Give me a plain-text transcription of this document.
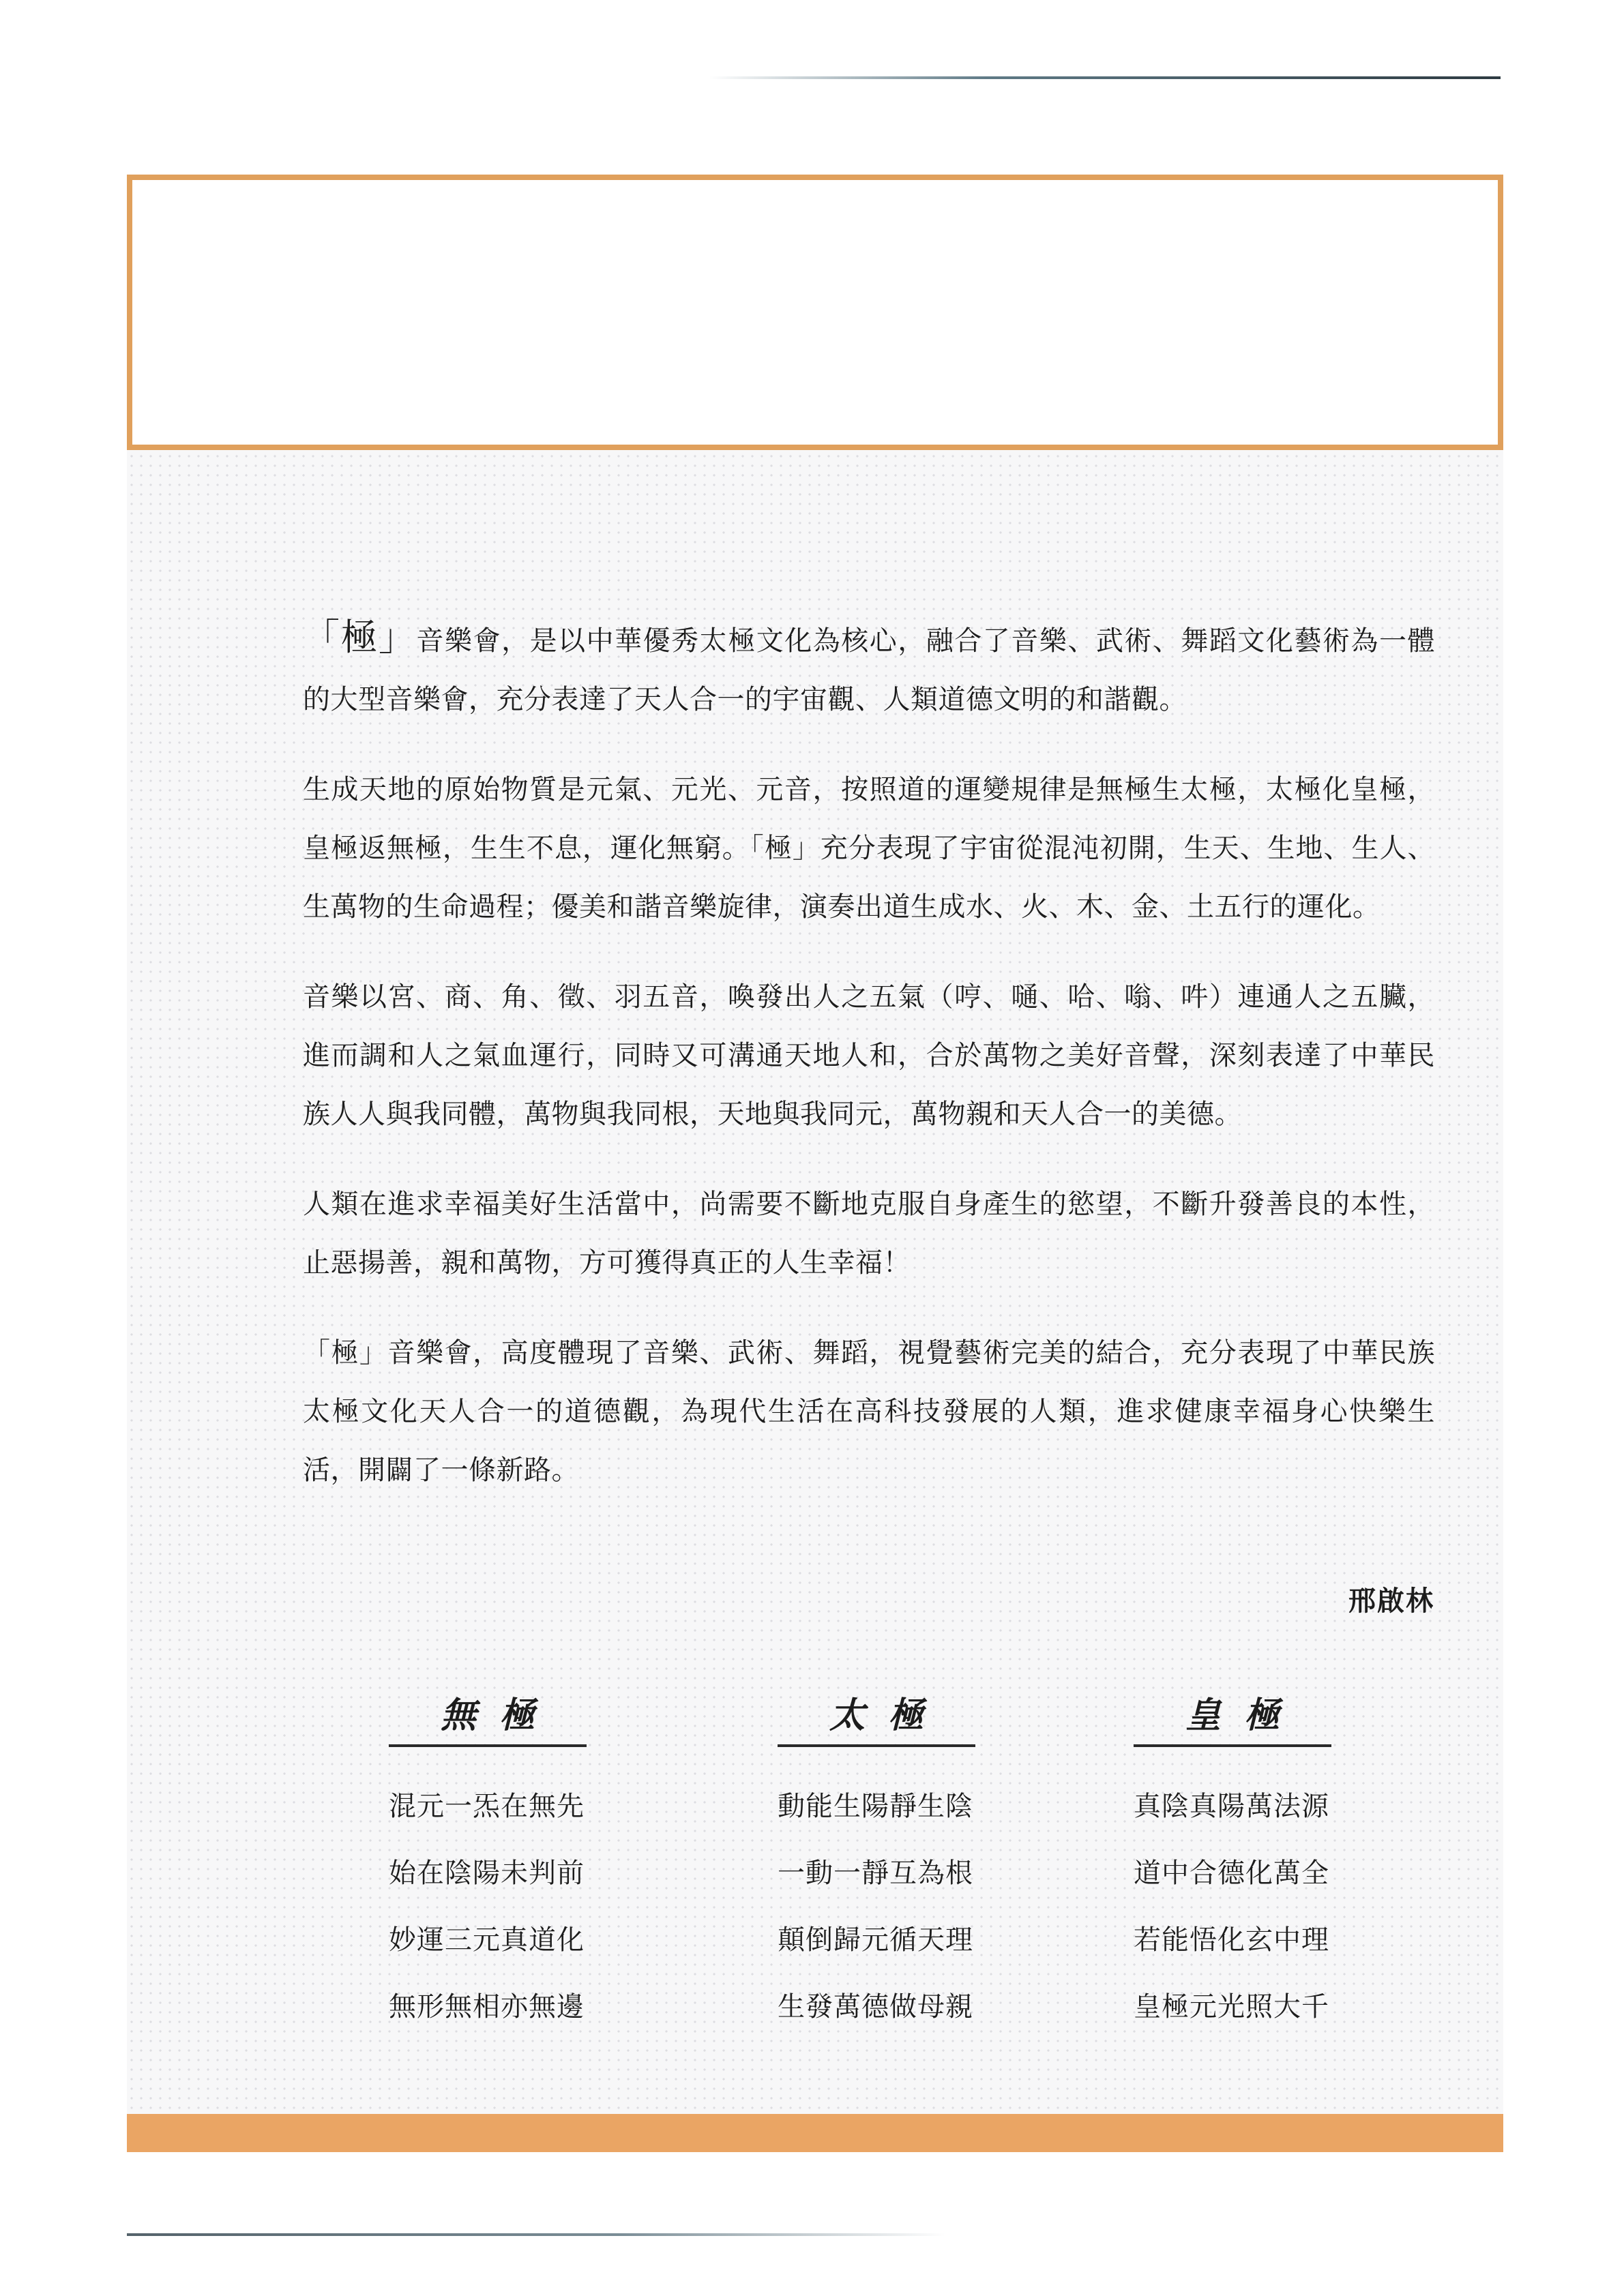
「極」音樂會，是以中華優秀太極文化為核心，融合了音樂、武術、舞蹈文化藝術為一體的大型音樂會，充分表達了天人合一的宇宙觀、人類道德文明的和諧觀。

生成天地的原始物質是元氣、元光、元音，按照道的運變規律是無極生太極，太極化皇極，皇極返無極，生生不息，運化無窮。「極」充分表現了宇宙從混沌初開，生天、生地、生人、生萬物的生命過程；優美和諧音樂旋律，演奏出道生成水、火、木、金、土五行的運化。

音樂以宮、商、角、徵、羽五音，喚發出人之五氣（哼、嗵、哈、嗡、吽）連通人之五臟，進而調和人之氣血運行，同時又可溝通天地人和，合於萬物之美好音聲，深刻表達了中華民族人人與我同體，萬物與我同根，天地與我同元，萬物親和天人合一的美德。

人類在進求幸福美好生活當中，尚需要不斷地克服自身產生的慾望，不斷升發善良的本性，止惡揚善，親和萬物，方可獲得真正的人生幸福！

「極」音樂會，高度體現了音樂、武術、舞蹈，視覺藝術完美的結合，充分表現了中華民族太極文化天人合一的道德觀，為現代生活在高科技發展的人類，進求健康幸福身心快樂生活，開闢了一條新路。

邢啟林
無極
混元一炁在無先
始在陰陽未判前
妙運三元真道化
無形無相亦無邊
太極
動能生陽靜生陰
一動一靜互為根
顛倒歸元循天理
生發萬德做母親
皇極
真陰真陽萬法源
道中合德化萬全
若能悟化玄中理
皇極元光照大千
